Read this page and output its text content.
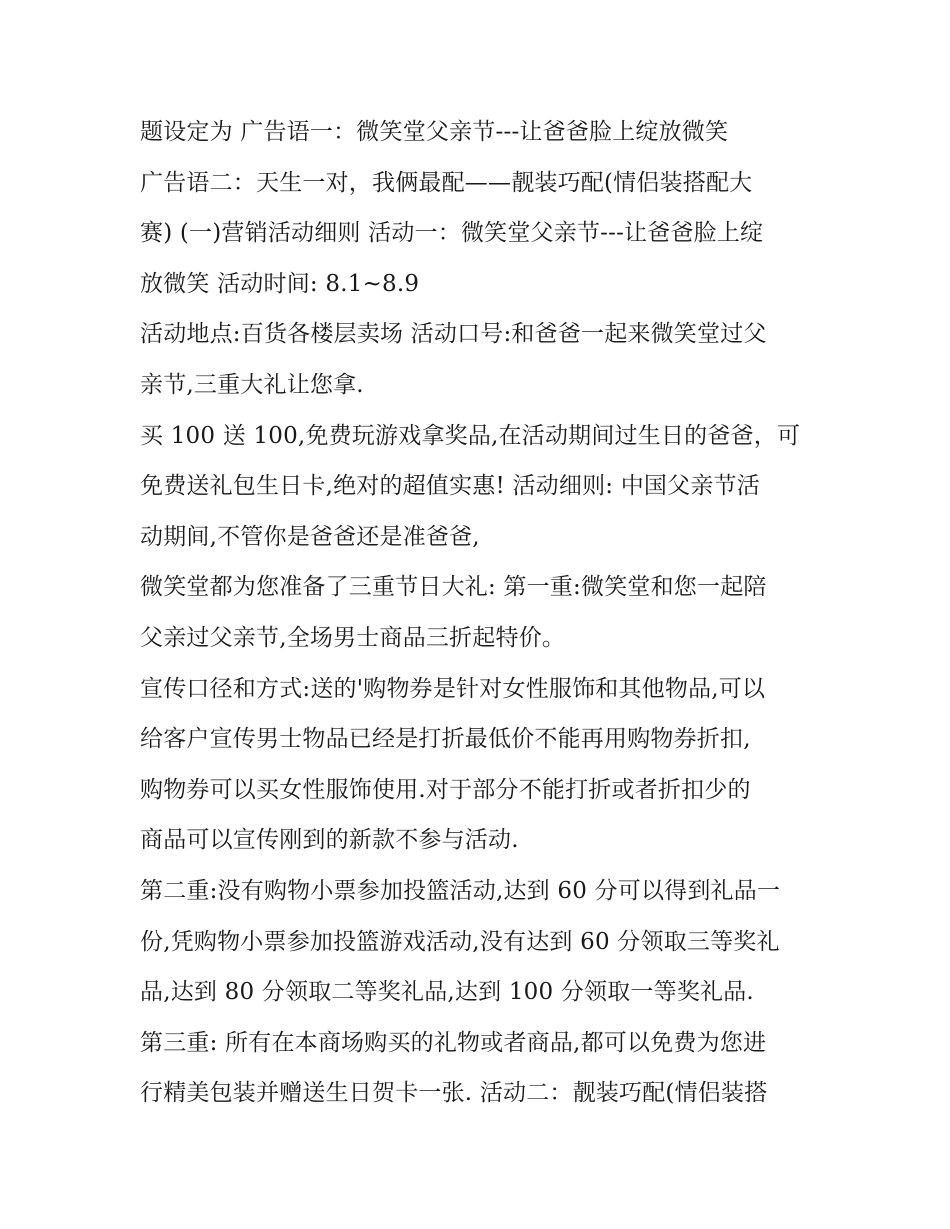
题设定为 广告语一：微笑堂父亲节---让爸爸脸上绽放微笑
广告语二：天生一对，我俩最配——靓装巧配(情侣装搭配大
赛) (一)营销活动细则 活动一：微笑堂父亲节---让爸爸脸上绽
放微笑 活动时间: 8.1~8.9
活动地点:百货各楼层卖场 活动口号:和爸爸一起来微笑堂过父
亲节,三重大礼让您拿.
买 100 送 100,免费玩游戏拿奖品,在活动期间过生日的爸爸，可
免费送礼包生日卡,绝对的超值实惠! 活动细则: 中国父亲节活
动期间,不管你是爸爸还是准爸爸,
微笑堂都为您准备了三重节日大礼: 第一重:微笑堂和您一起陪
父亲过父亲节,全场男士商品三折起特价。
宣传口径和方式:送的'购物券是针对女性服饰和其他物品,可以
给客户宣传男士物品已经是打折最低价不能再用购物券折扣,
购物券可以买女性服饰使用.对于部分不能打折或者折扣少的
商品可以宣传刚到的新款不参与活动.
第二重:没有购物小票参加投篮活动,达到 60 分可以得到礼品一
份,凭购物小票参加投篮游戏活动,没有达到 60 分领取三等奖礼
品,达到 80 分领取二等奖礼品,达到 100 分领取一等奖礼品.
第三重: 所有在本商场购买的礼物或者商品,都可以免费为您进
行精美包装并赠送生日贺卡一张. 活动二：靓装巧配(情侣装搭
